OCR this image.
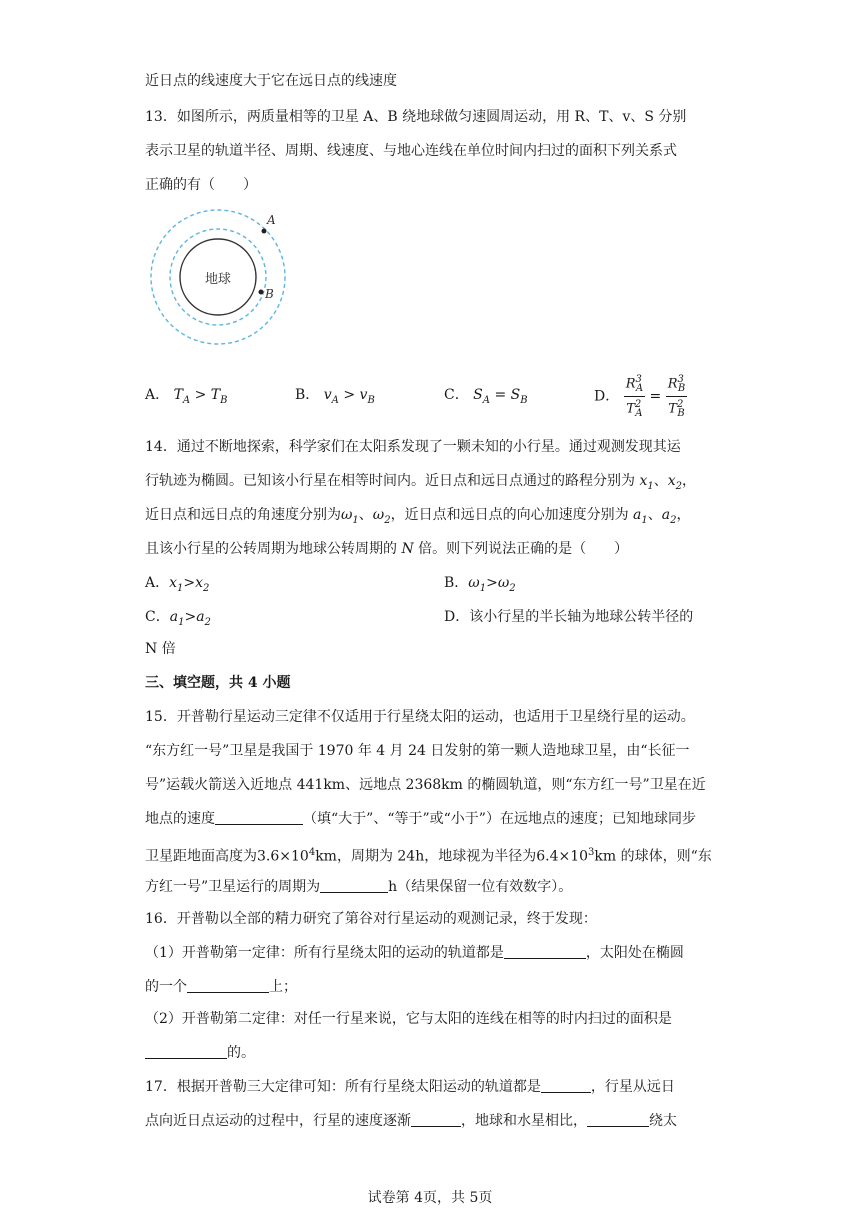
近日点的线速度大于它在远日点的线速度
13．如图所示，两质量相等的卫星 A、B 绕地球做匀速圆周运动，用 R、T、v、S 分别
表示卫星的轨道半径、周期、线速度、与地心连线在单位时间内扫过的面积下列关系式
正确的有（　　）
地球
A
B
A． $T_A > T_B$	B． $v_A > v_B$	C． $S_A = S_B$	D． $\frac{R^3_A}{T^2_A} = \frac{R^3_B}{T^2_B}$
14．通过不断地探索，科学家们在太阳系发现了一颗未知的小行星。通过观测发现其运
行轨迹为椭圆。已知该小行星在相等时间内。近日点和远日点通过的路程分别为 $x_1$、$x_2$，
近日点和远日点的角速度分别为$\omega_1$、$\omega_2$，近日点和远日点的向心加速度分别为 $a_1$、$a_2$，
且该小行星的公转周期为地球公转周期的 N 倍。则下列说法正确的是（　　）
A．$x_1>x_2$	B．$\omega_1>\omega_2$
C．$a_1>a_2$	D．该小行星的半长轴为地球公转半径的
N 倍
三、填空题，共 4 小题
15．开普勒行星运动三定律不仅适用于行星绕太阳的运动，也适用于卫星绕行星的运动。
“东方红一号”卫星是我国于 1970 年 4 月 24 日发射的第一颗人造地球卫星，由“长征一
号”运载火箭送入近地点 441km、远地点 2368km 的椭圆轨道，则“东方红一号”卫星在近
地点的速度	（填“大于”、“等于”或“小于”）在远地点的速度；已知地球同步
卫星距地面高度为$3.6\times 10^4km$，周期为 24h，地球视为半径为$6.4\times 10^3km$ 的球体，则“东
方红一号”卫星运行的周期为	h（结果保留一位有效数字）。
16．开普勒以全部的精力研究了第谷对行星运动的观测记录，终于发现：
（1）开普勒第一定律：所有行星绕太阳的运动的轨道都是	，太阳处在椭圆
的一个	上；
（2）开普勒第二定律：对任一行星来说，它与太阳的连线在相等的时内扫过的面积是
的。
17．根据开普勒三大定律可知：所有行星绕太阳运动的轨道都是	，行星从远日
点向近日点运动的过程中，行星的速度逐渐	，地球和水星相比，	绕太
试卷第 4页，共 5页
